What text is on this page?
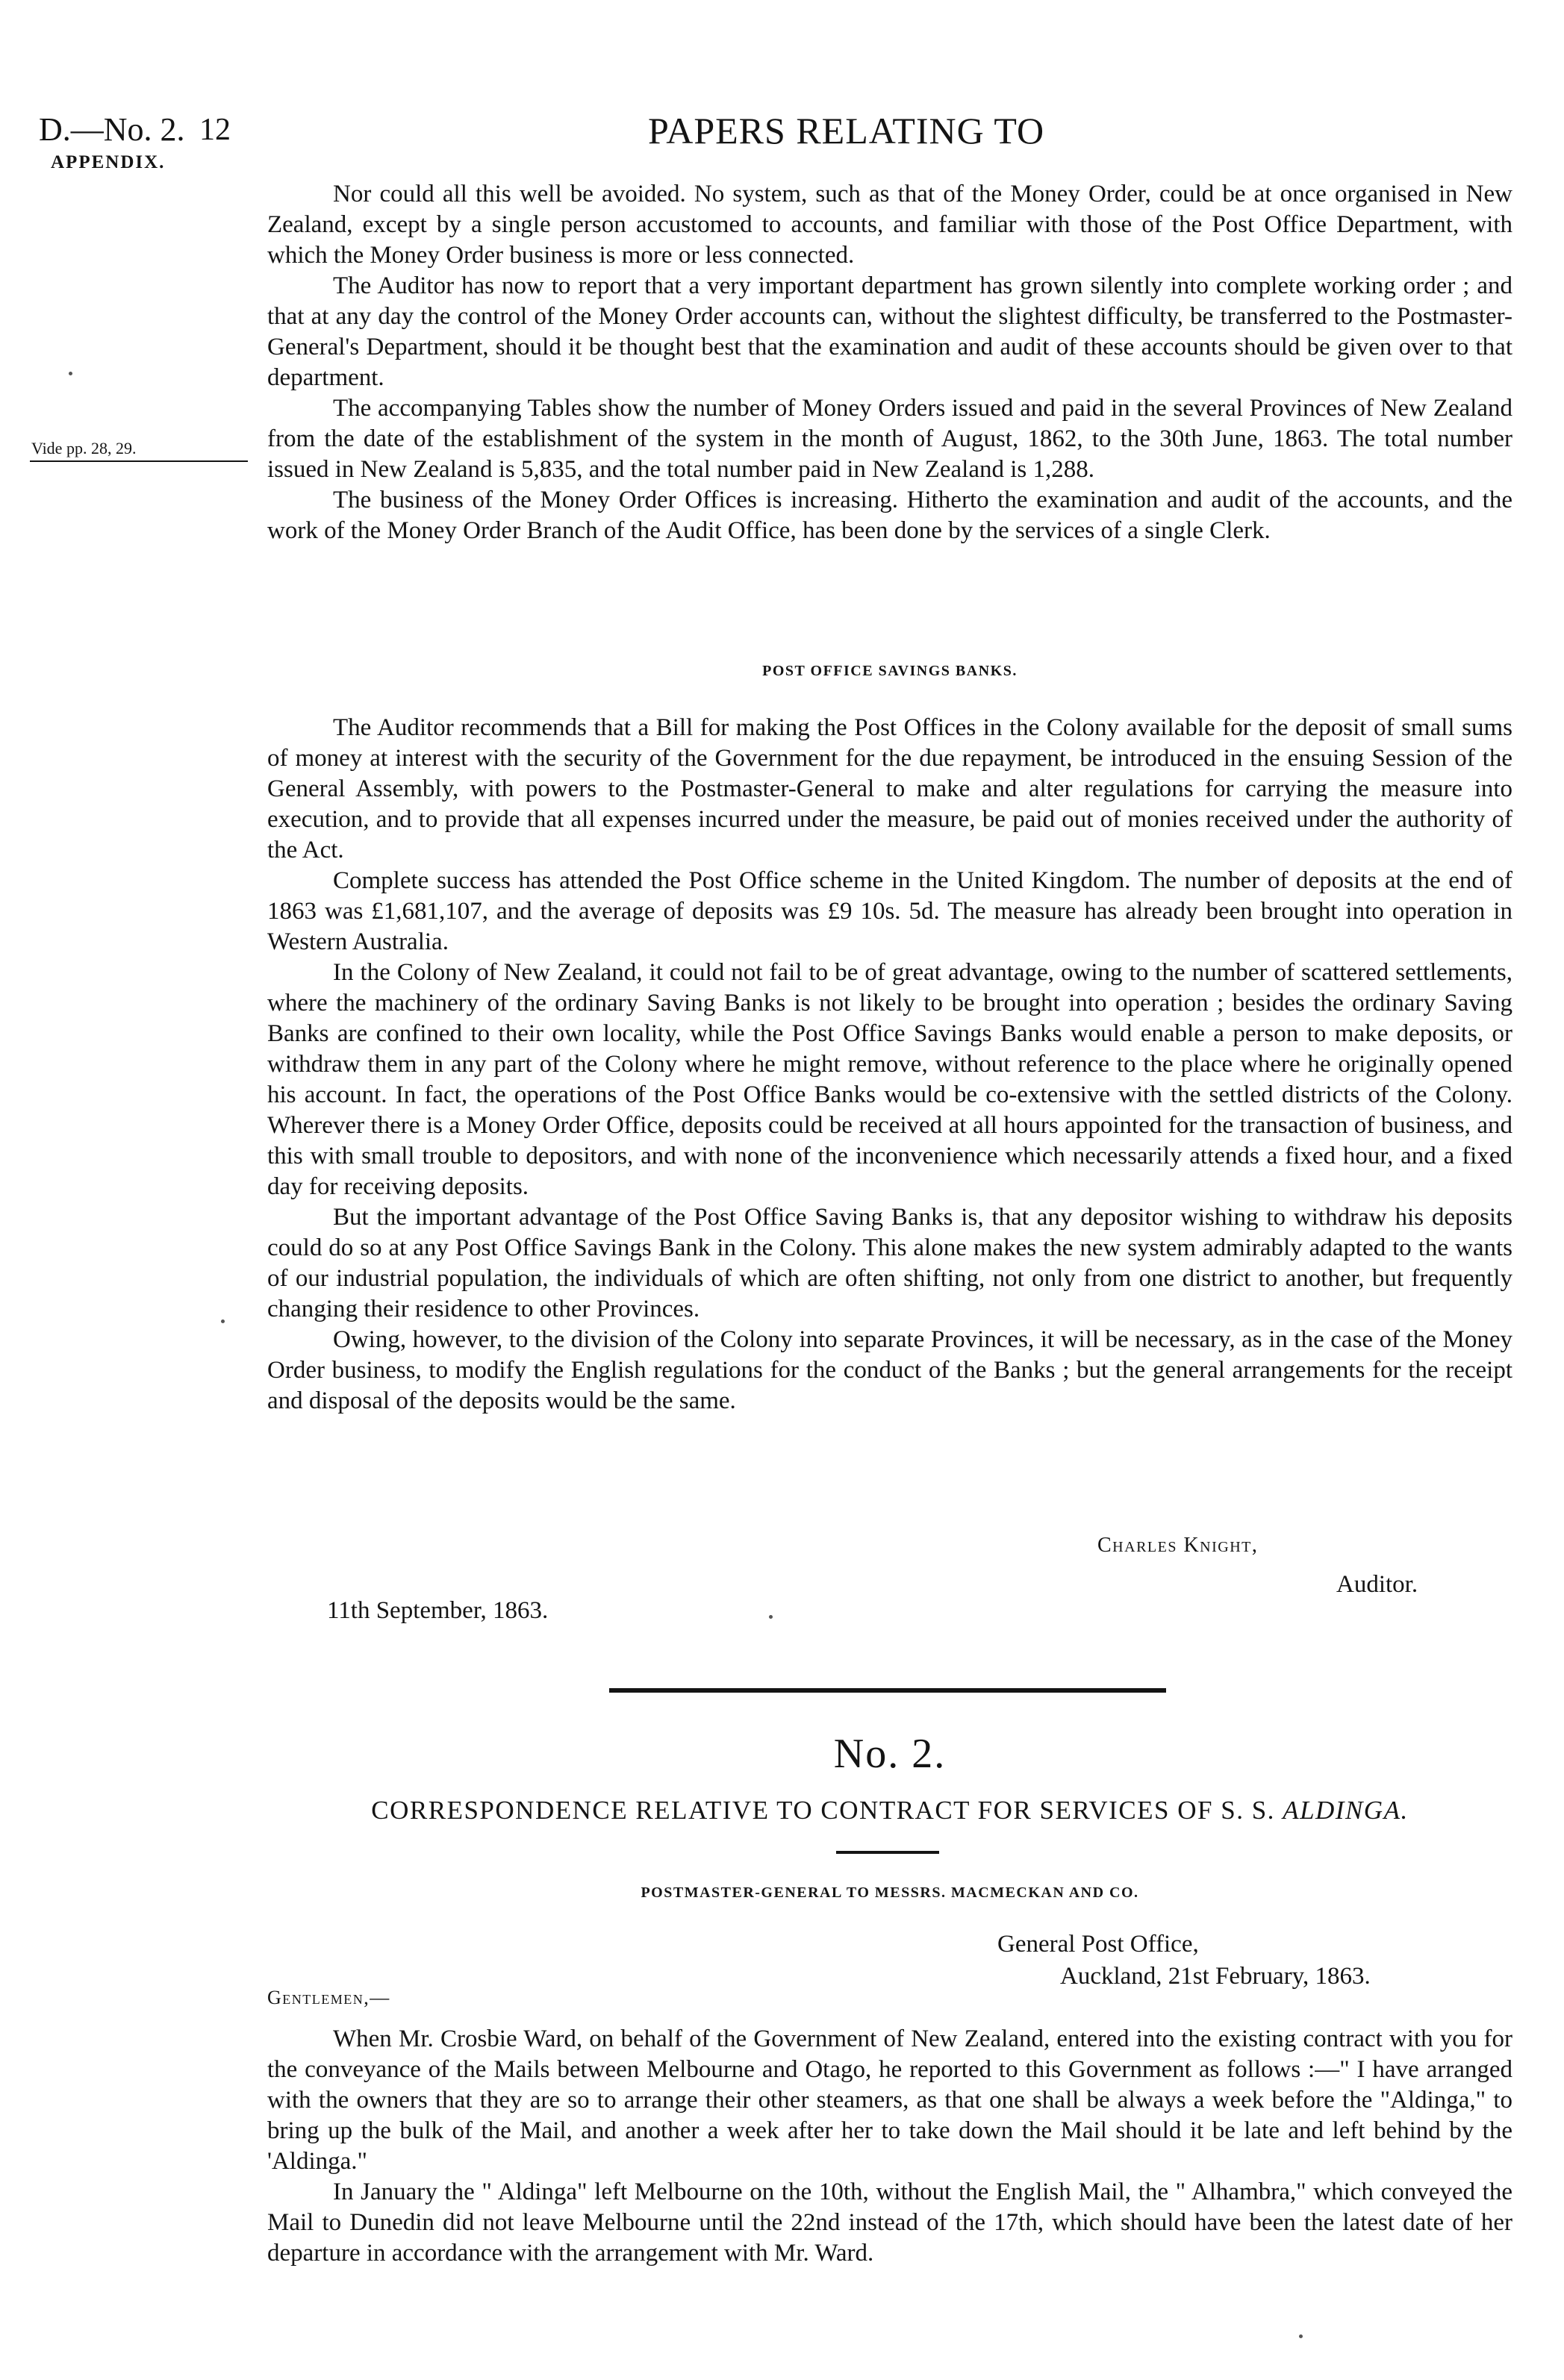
D.—No. 2.
APPENDIX.
12	PAPERS RELATING TO
Vide pp. 28, 29.

Nor could all this well be avoided. No system, such as that of the Money Order, could be at once organised in New Zealand, except by a single person accustomed to accounts, and familiar with those of the Post Office Department, with which the Money Order business is more or less connected.

The Auditor has now to report that a very important department has grown silently into complete working order ; and that at any day the control of the Money Order accounts can, without the slightest difficulty, be transferred to the Postmaster-General's Department, should it be thought best that the examination and audit of these accounts should be given over to that department.

The accompanying Tables show the number of Money Orders issued and paid in the several Provinces of New Zealand from the date of the establishment of the system in the month of August, 1862, to the 30th June, 1863. The total number issued in New Zealand is 5,835, and the total number paid in New Zealand is 1,288.

The business of the Money Order Offices is increasing. Hitherto the examination and audit of the accounts, and the work of the Money Order Branch of the Audit Office, has been done by the services of a single Clerk.

POST OFFICE SAVINGS BANKS.

The Auditor recommends that a Bill for making the Post Offices in the Colony available for the deposit of small sums of money at interest with the security of the Government for the due repayment, be introduced in the ensuing Session of the General Assembly, with powers to the Postmaster-General to make and alter regulations for carrying the measure into execution, and to provide that all expenses incurred under the measure, be paid out of monies received under the authority of the Act.

Complete success has attended the Post Office scheme in the United Kingdom. The number of deposits at the end of 1863 was £1,681,107, and the average of deposits was £9 10s. 5d. The measure has already been brought into operation in Western Australia.

In the Colony of New Zealand, it could not fail to be of great advantage, owing to the number of scattered settlements, where the machinery of the ordinary Saving Banks is not likely to be brought into operation ; besides the ordinary Saving Banks are confined to their own locality, while the Post Office Savings Banks would enable a person to make deposits, or withdraw them in any part of the Colony where he might remove, without reference to the place where he originally opened his account. In fact, the operations of the Post Office Banks would be co-extensive with the settled districts of the Colony. Wherever there is a Money Order Office, deposits could be received at all hours appointed for the transaction of business, and this with small trouble to depositors, and with none of the inconvenience which necessarily attends a fixed hour, and a fixed day for receiving deposits.

But the important advantage of the Post Office Saving Banks is, that any depositor wishing to withdraw his deposits could do so at any Post Office Savings Bank in the Colony. This alone makes the new system admirably adapted to the wants of our industrial population, the individuals of which are often shifting, not only from one district to another, but frequently changing their residence to other Provinces.

Owing, however, to the division of the Colony into separate Provinces, it will be necessary, as in the case of the Money Order business, to modify the English regulations for the conduct of the Banks ; but the general arrangements for the receipt and disposal of the deposits would be the same.

Charles Knight,
Auditor.
11th September, 1863.
No. 2.
CORRESPONDENCE RELATIVE TO CONTRACT FOR SERVICES OF S. S. ALDINGA.
POSTMASTER-GENERAL TO MESSRS. MACMECKAN AND CO.
General Post Office,
Auckland, 21st February, 1863.
Gentlemen,—

When Mr. Crosbie Ward, on behalf of the Government of New Zealand, entered into the existing contract with you for the conveyance of the Mails between Melbourne and Otago, he reported to this Government as follows :—" I have arranged with the owners that they are so to arrange their other steamers, as that one shall be always a week before the "Aldinga," to bring up the bulk of the Mail, and another a week after her to take down the Mail should it be late and left behind by the 'Aldinga."

In January the " Aldinga" left Melbourne on the 10th, without the English Mail, the " Alhambra," which conveyed the Mail to Dunedin did not leave Melbourne until the 22nd instead of the 17th, which should have been the latest date of her departure in accordance with the arrangement with Mr. Ward.
